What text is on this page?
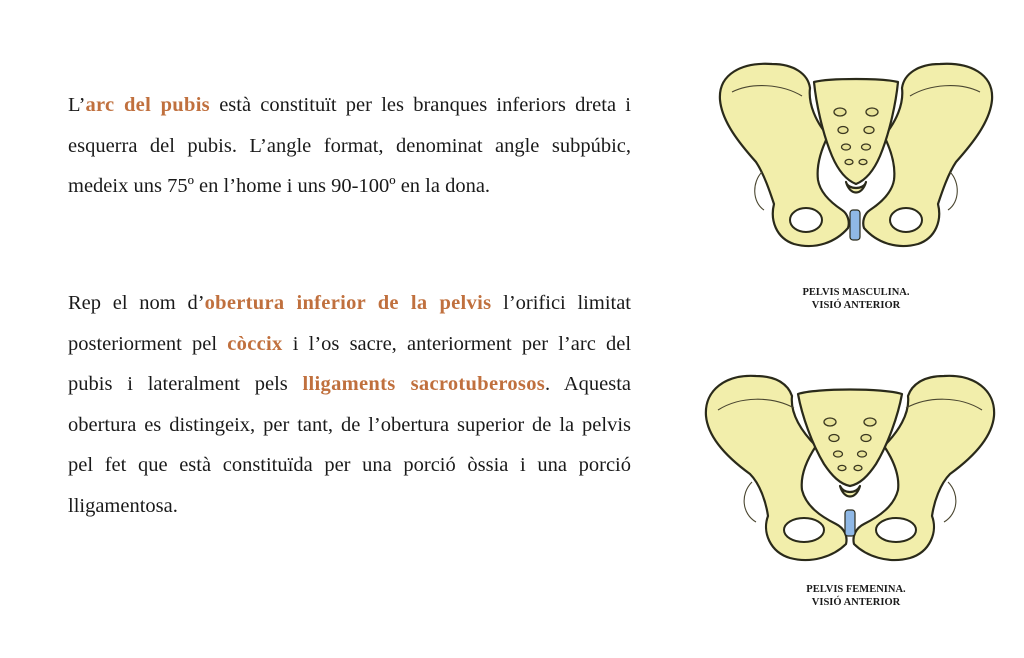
L’arc del pubis està constituït per les branques inferiors dreta i esquerra del pubis. L’angle format, denominat angle subpúbic, medeix uns 75º en l’home i uns 90-100º en la dona.

Rep el nom d’obertura inferior de la pelvis l’orifici limitat posteriorment pel còccix i l’os sacre, anteriorment per l’arc del pubis i lateralment pels lligaments sacrotuberosos. Aquesta obertura es distingeix, per tant, de l’obertura superior de la pelvis pel fet que està constituïda per una porció òssia i una porció lligamentosa.

PELVIS MASCULINA.
VISIÓ ANTERIOR
PELVIS FEMENINA.
VISIÓ ANTERIOR
